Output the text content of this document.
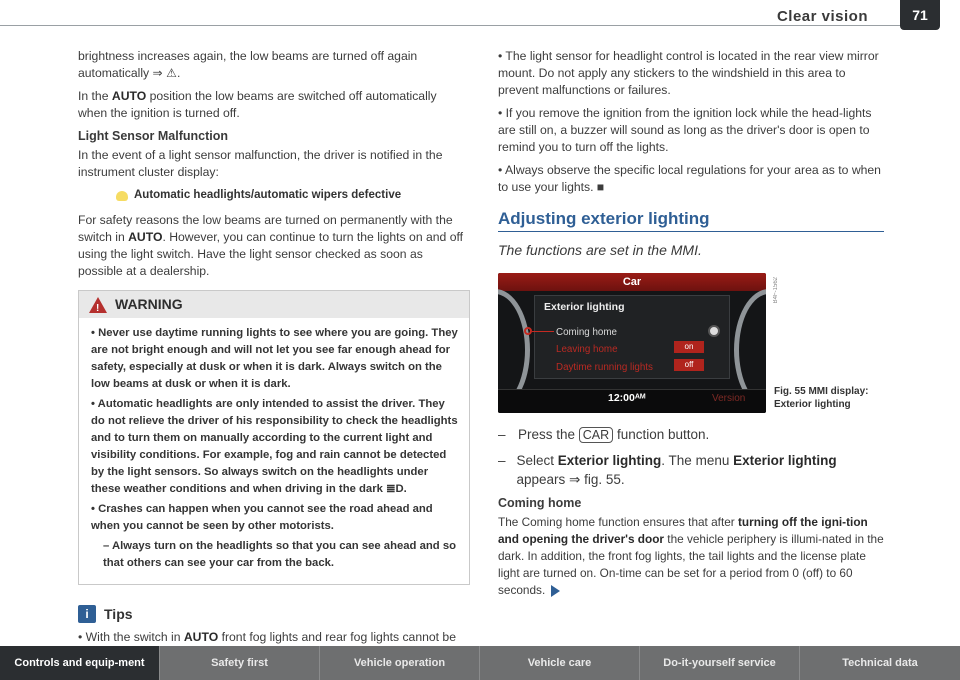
Clear vision	71

brightness increases again, the low beams are turned off again automatically ⇒ ⚠.

In the AUTO position the low beams are switched off automatically when the ignition is turned off.

Light Sensor Malfunction

In the event of a light sensor malfunction, the driver is notified in the instrument cluster display:

Automatic headlights/automatic wipers defective

For safety reasons the low beams are turned on permanently with the switch in AUTO. However, you can continue to turn the lights on and off using the light switch. Have the light sensor checked as soon as possible at a dealership.

!
WARNING

• Never use daytime running lights to see where you are going. They are not bright enough and will not let you see far enough ahead for safety, especially at dusk or when it is dark. Always switch on the low beams at dusk or when it is dark.

• Automatic headlights are only intended to assist the driver. They do not relieve the driver of his responsibility to check the headlights and to turn them on manually according to the current light and visibility conditions. For example, fog and rain cannot be detected by the light sensors. So always switch on the headlights under these weather conditions and when driving in the dark ≣D.

• Crashes can happen when you cannot see the road ahead and when you cannot be seen by other motorists.

– Always turn on the headlights so that you can see ahead and so that others can see your car from the back.

i	Tips

• With the switch in AUTO front fog lights and rear fog lights cannot be

• The light sensor for headlight control is located in the rear view mirror mount. Do not apply any stickers to the windshield in this area to prevent malfunctions or failures.

• If you remove the ignition from the ignition lock while the head-lights are still on, a buzzer will sound as long as the driver's door is open to remind you to turn off the lights.

• Always observe the specific local regulations for your area as to when to use your lights. ■

Adjusting exterior lighting
The functions are set in the MMI.
Car
Exterior lighting
Coming home
Leaving home
Daytime running lights
on
off
12:00ᴬᴹ	Version
B4F-1562
Fig. 55 MMI display:
Exterior lighting
– Press the CAR function button.
– Select Exterior lighting. The menu Exterior lighting appears ⇒ fig. 55.
Coming home
The Coming home function ensures that after turning off the igni-tion and opening the driver's door the vehicle periphery is illumi-nated in the dark. In addition, the front fog lights, the tail lights and the license plate light are turned on. On-time can be set for a period from 0 (off) to 60 seconds.
Controls and equip-ment	Safety first	Vehicle operation	Vehicle care	Do-it-yourself service	Technical data
